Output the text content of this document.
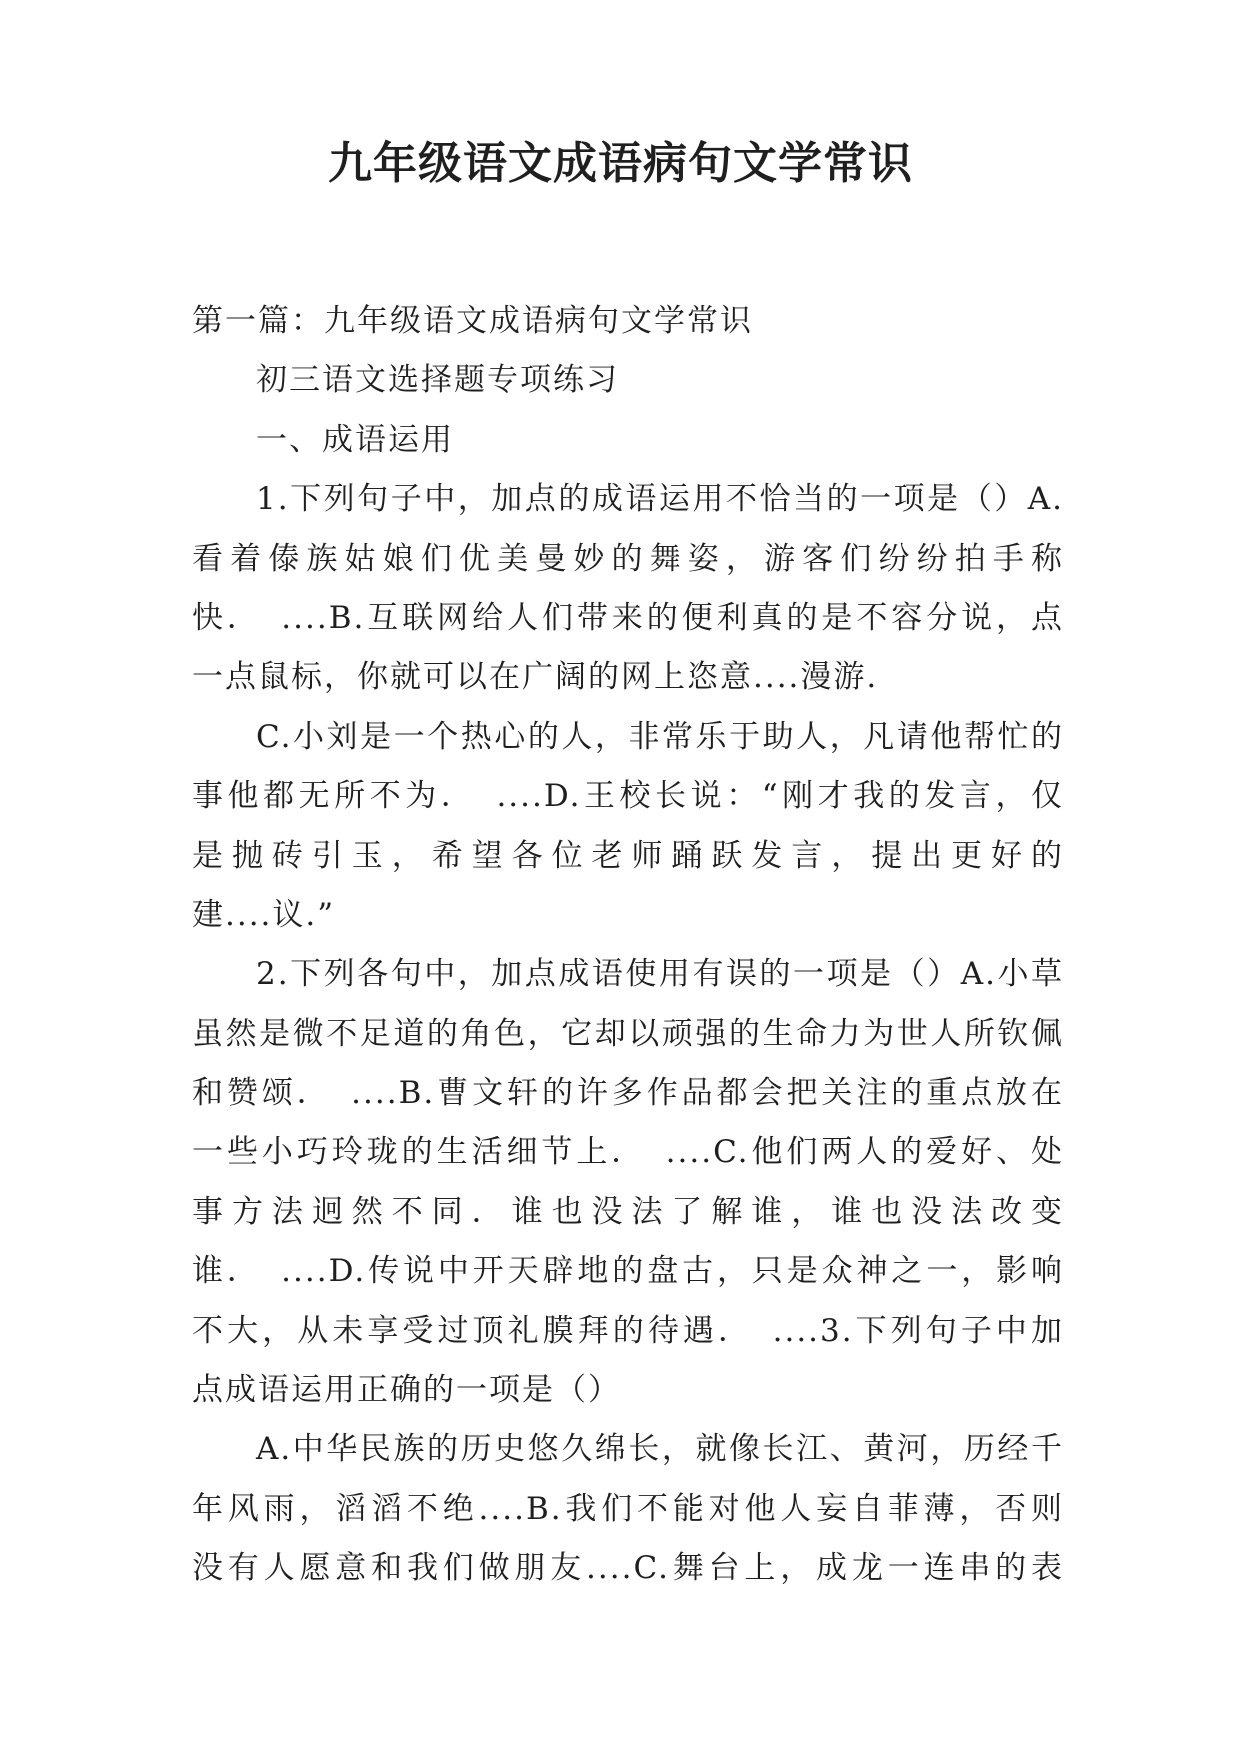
九年级语文成语病句文学常识
第一篇：九年级语文成语病句文学常识
初三语文选择题专项练习
一、成语运用
1.下列句子中，加点的成语运用不恰当的一项是（）A.
看着傣族姑娘们优美曼妙的舞姿，游客们纷纷拍手称
快．　....B.互联网给人们带来的便利真的是不容分说，点
一点鼠标，你就可以在广阔的网上恣意....漫游.
C.小刘是一个热心的人，非常乐于助人，凡请他帮忙的
事他都无所不为．　....D.王校长说：“刚才我的发言，仅
是抛砖引玉，希望各位老师踊跃发言，提出更好的
建....议.”
2.下列各句中，加点成语使用有误的一项是（）A.小草
虽然是微不足道的角色，它却以顽强的生命力为世人所钦佩
和赞颂．　....B.曹文轩的许多作品都会把关注的重点放在
一些小巧玲珑的生活细节上．　....C.他们两人的爱好、处
事方法迥然不同．谁也没法了解谁，谁也没法改变
谁．　....D.传说中开天辟地的盘古，只是众神之一，影响
不大，从未享受过顶礼膜拜的待遇．　....3.下列句子中加
点成语运用正确的一项是（）
A.中华民族的历史悠久绵长，就像长江、黄河，历经千
年风雨，滔滔不绝....B.我们不能对他人妄自菲薄，否则
没有人愿意和我们做朋友....C.舞台上，成龙一连串的表
